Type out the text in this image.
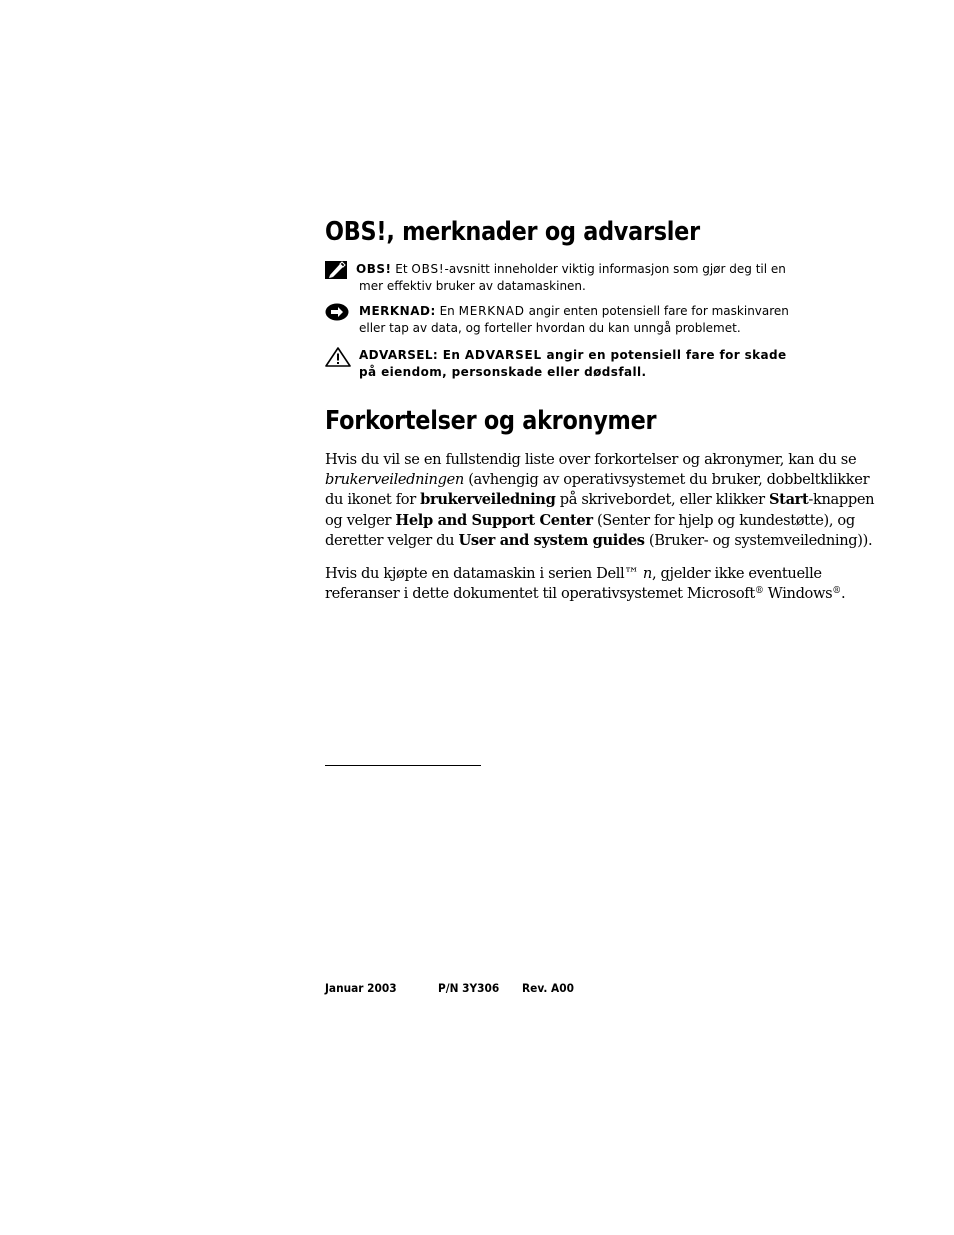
OBS!, merknader og advarsler
OBS! Et OBS!-avsnitt inneholder viktig informasjon som gjør deg til en
mer effektiv bruker av datamaskinen.
MERKNAD: En MERKNAD angir enten potensiell fare for maskinvaren
eller tap av data, og forteller hvordan du kan unngå problemet.
ADVARSEL: En ADVARSEL angir en potensiell fare for skade
på eiendom, personskade eller dødsfall.
Forkortelser og akronymer

Hvis du vil se en fullstendig liste over forkortelser og akronymer, kan du se
brukerveiledningen (avhengig av operativsystemet du bruker, dobbeltklikker
du ikonet for brukerveiledning på skrivebordet, eller klikker Start-knappen
og velger Help and Support Center (Senter for hjelp og kundestøtte), og
deretter velger du User and system guides (Bruker- og systemveiledning)).

Hvis du kjøpte en datamaskin i serien Dell™ n, gjelder ikke eventuelle
referanser i dette dokumentet til operativsystemet Microsoft® Windows®.

Januar 2003	P/N 3Y306 Rev. A00
